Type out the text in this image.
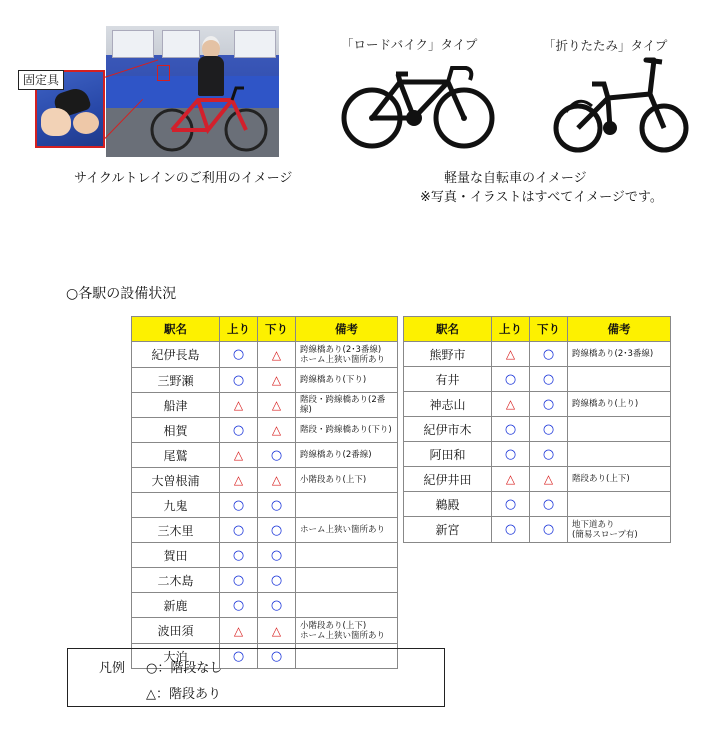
固定具
サイクルトレインのご利用のイメージ
「ロードバイク」タイプ	「折りたたみ」タイプ
軽量な自転車のイメージ
※写真・イラストはすべてイメージです。
○各駅の設備状況
駅名	上り	下り	備考
紀伊長島	○	△	跨線橋あり(2･3番線)
ホーム上狭い箇所あり
三野瀬	○	△	跨線橋あり(下り)
船津	△	△	階段・跨線橋あり(2番線)
相賀	○	△	階段・跨線橋あり(下り)
尾鷲	△	○	跨線橋あり(2番線)
大曽根浦	△	△	小階段あり(上下)
九鬼	○	○	
三木里	○	○	ホーム上狭い箇所あり
賀田	○	○	
二木島	○	○	
新鹿	○	○	
波田須	△	△	小階段あり(上下)
ホーム上狭い箇所あり
大泊	○	○	
駅名	上り	下り	備考
熊野市	△	○	跨線橋あり(2･3番線)
有井	○	○	
神志山	△	○	跨線橋あり(上り)
紀伊市木	○	○	
阿田和	○	○	
紀伊井田	△	△	階段あり(上下)
鵜殿	○	○	
新宮	○	○	地下道あり
(簡易スロープ有)
凡例 ○：階段なし
△：階段あり
